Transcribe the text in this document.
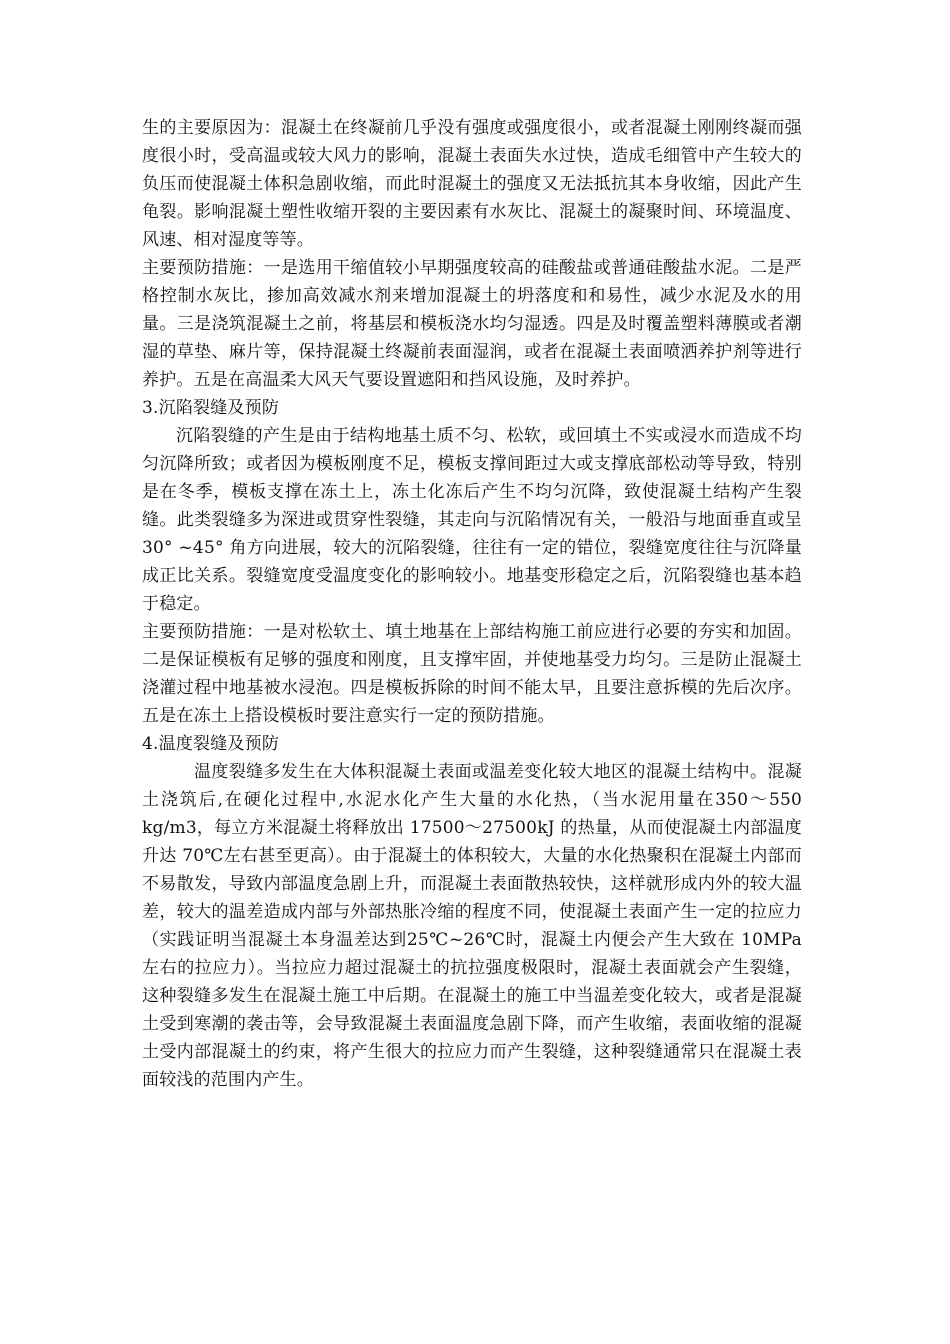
生的主要原因为：混凝土在终凝前几乎没有强度或强度很小，或者混凝土刚刚终凝而强度很小时，受高温或较大风力的影响，混凝土表面失水过快，造成毛细管中产生较大的负压而使混凝土体积急剧收缩，而此时混凝土的强度又无法抵抗其本身收缩，因此产生龟裂。影响混凝土塑性收缩开裂的主要因素有水灰比、混凝土的凝聚时间、环境温度、风速、相对湿度等等。

主要预防措施：一是选用干缩值较小早期强度较高的硅酸盐或普通硅酸盐水泥。二是严格控制水灰比，掺加高效减水剂来增加混凝土的坍落度和和易性，减少水泥及水的用量。三是浇筑混凝土之前，将基层和模板浇水均匀湿透。四是及时覆盖塑料薄膜或者潮湿的草垫、麻片等，保持混凝土终凝前表面湿润，或者在混凝土表面喷洒养护剂等进行养护。五是在高温柔大风天气要设置遮阳和挡风设施，及时养护。

3.沉陷裂缝及预防

沉陷裂缝的产生是由于结构地基土质不匀、松软，或回填土不实或浸水而造成不均匀沉降所致；或者因为模板刚度不足，模板支撑间距过大或支撑底部松动等导致，特别是在冬季，模板支撑在冻土上，冻土化冻后产生不均匀沉降，致使混凝土结构产生裂缝。此类裂缝多为深进或贯穿性裂缝，其走向与沉陷情况有关，一般沿与地面垂直或呈 30° ~45° 角方向进展，较大的沉陷裂缝，往往有一定的错位，裂缝宽度往往与沉降量成正比关系。裂缝宽度受温度变化的影响较小。地基变形稳定之后，沉陷裂缝也基本趋于稳定。

主要预防措施：一是对松软土、填土地基在上部结构施工前应进行必要的夯实和加固。二是保证模板有足够的强度和刚度，且支撑牢固，并使地基受力均匀。三是防止混凝土浇灌过程中地基被水浸泡。四是模板拆除的时间不能太早，且要注意拆模的先后次序。五是在冻土上搭设模板时要注意实行一定的预防措施。

4.温度裂缝及预防

温度裂缝多发生在大体积混凝土表面或温差变化较大地区的混凝土结构中。混凝土浇筑后,在硬化过程中,水泥水化产生大量的水化热，（当水泥用量在350～550　kg/m3，每立方米混凝土将释放出 17500～27500kJ 的热量，从而使混凝土内部温度升达 70℃左右甚至更高）。由于混凝土的体积较大，大量的水化热聚积在混凝土内部而不易散发，导致内部温度急剧上升，而混凝土表面散热较快，这样就形成内外的较大温差，较大的温差造成内部与外部热胀冷缩的程度不同，使混凝土表面产生一定的拉应力（实践证明当混凝土本身温差达到25℃~26℃时，混凝土内便会产生大致在 10MPa 左右的拉应力）。当拉应力超过混凝土的抗拉强度极限时，混凝土表面就会产生裂缝，这种裂缝多发生在混凝土施工中后期。在混凝土的施工中当温差变化较大，或者是混凝土受到寒潮的袭击等，会导致混凝土表面温度急剧下降，而产生收缩，表面收缩的混凝土受内部混凝土的约束，将产生很大的拉应力而产生裂缝，这种裂缝通常只在混凝土表面较浅的范围内产生。
